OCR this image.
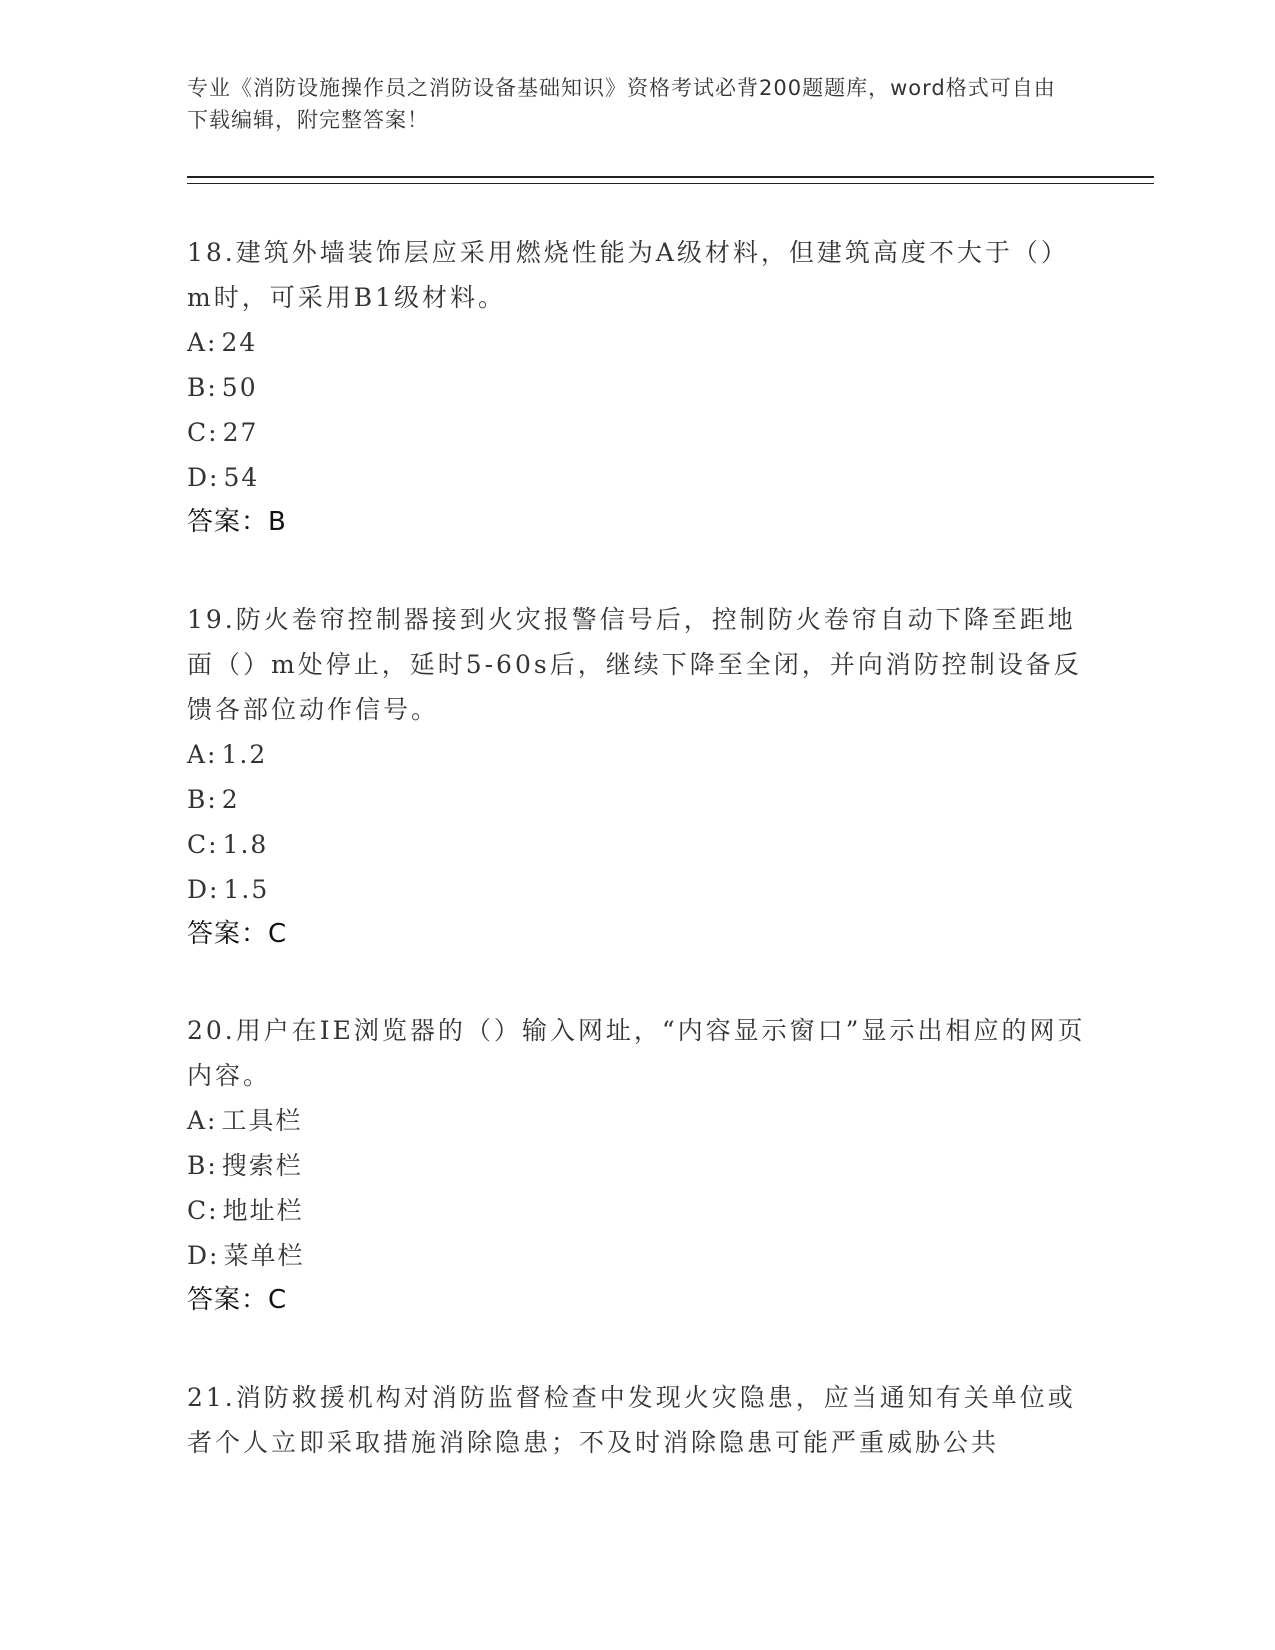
专业《消防设施操作员之消防设备基础知识》资格考试必背200题题库，word格式可自由下载编辑，附完整答案！

18.建筑外墙装饰层应采用燃烧性能为A级材料，但建筑高度不大于（）m时，可采用B1级材料。

A: 24
B: 50
C: 27
D: 54
答案：B

19.防火卷帘控制器接到火灾报警信号后，控制防火卷帘自动下降至距地面（）m处停止，延时5-60s后，继续下降至全闭，并向消防控制设备反馈各部位动作信号。

A: 1.2
B: 2
C: 1.8
D: 1.5
答案：C

20.用户在IE浏览器的（）输入网址，“内容显示窗口”显示出相应的网页内容。

A: 工具栏
B: 搜索栏
C: 地址栏
D: 菜单栏
答案：C

21.消防救援机构对消防监督检查中发现火灾隐患，应当通知有关单位或者个人立即采取措施消除隐患；不及时消除隐患可能严重威胁公共
